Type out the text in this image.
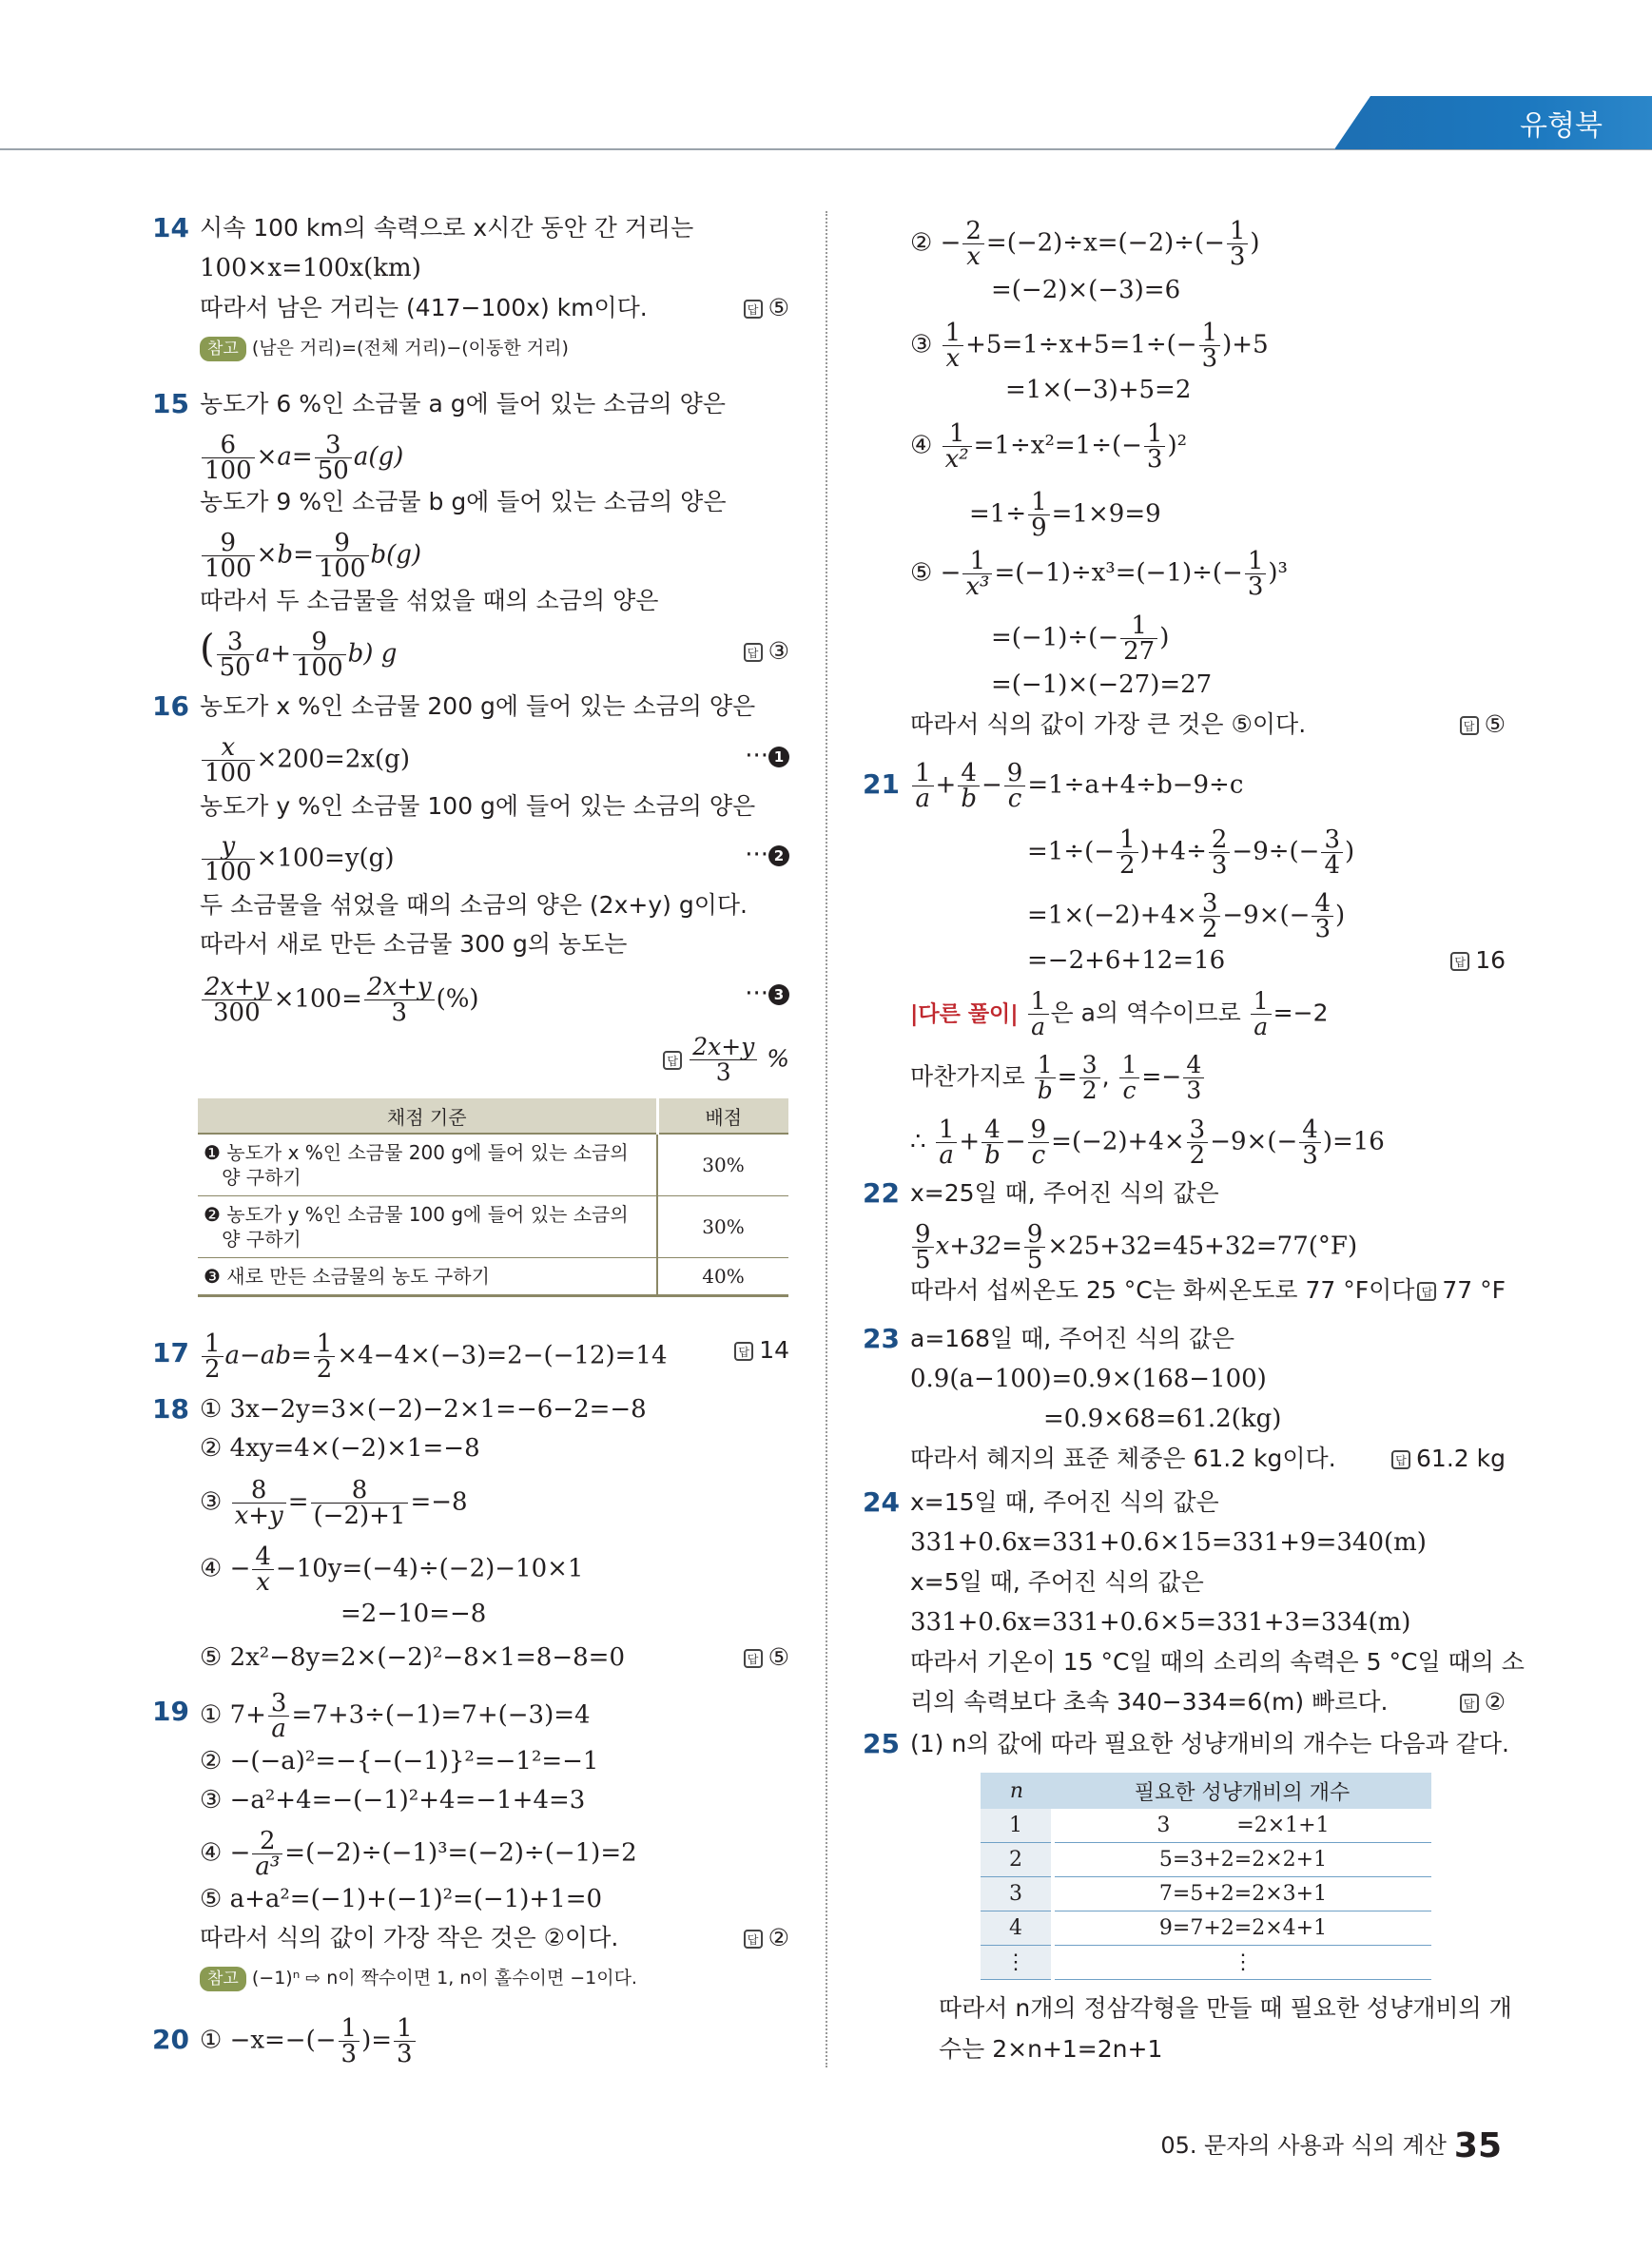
유형북
14 시속 100 km의 속력으로 x시간 동안 간 거리는
100×x=100x(km)
따라서 남은 거리는 (417−100x) km이다.	답 ⑤
참고 (남은 거리)=(전체 거리)−(이동한 거리)
15 농도가 6 %인 소금물 a g에 들어 있는 소금의 양은
$\frac{6}{100} \times a= \frac{3}{50} a(g)$
농도가 9 %인 소금물 b g에 들어 있는 소금의 양은
$\frac{9}{100} \times b= \frac{9}{100} b(g)$
따라서 두 소금물을 섞었을 때의 소금의 양은
( $\frac{3}{50} a+ \frac{9}{100} b$) g	답 ③
16 농도가 x %인 소금물 200 g에 들어 있는 소금의 양은
$\frac{x}{100} \times 200=2x(g)$	··· 1
농도가 y %인 소금물 100 g에 들어 있는 소금의 양은
$\frac{y}{100} \times 100=y(g)$	··· 2
두 소금물을 섞었을 때의 소금의 양은 (2x+y) g이다.
따라서 새로 만든 소금물 300 g의 농도는
$\frac{2x+y}{300} \times 100= \frac{2x+y}{3}$ (%)	··· 3
답 $\frac{2x+y}{3}$ %
채점 기준	배점
❶ 농도가 x %인 소금물 200 g에 들어 있는 소금의
양 구하기	30%
❷ 농도가 y %인 소금물 100 g에 들어 있는 소금의
양 구하기	30%
❸ 새로 만든 소금물의 농도 구하기	40%
$17 \frac{1}{2} a-ab= \frac{1}{2} \times 4-4\times(-3)=2-(-12)=14$	답 14
18 ① 3x−2y=3×(−2)−2×1=−6−2=−8
② 4xy=4×(−2)×1=−8
③ $\frac{8}{x+y} = \frac{8}{(-2)+1} =-8$
④ − $\frac{4}{x} -10y=(-4)\div(-2)-10\times 1$
=2−10=−8
⑤ 2x²−8y=2×(−2)²−8×1=8−8=0	답 ⑤
19 ① $7+ \frac{3}{a} =7+3\div(-1)=7+(-3)=4$
② −(−a)²=−{−(−1)}²=−1²=−1
③ −a²+4=−(−1)²+4=−1+4=3
④ − $\frac{2}{\text{a³}} =(-2)\div(-1)^3=(-2)\div(-1)=2$
⑤ a+a²=(−1)+(−1)²=(−1)+1=0
따라서 식의 값이 가장 작은 것은 ②이다.	답 ②
참고 (−1)ⁿ ⇨ n이 짝수이면 1, n이 홀수이면 −1이다.
20 ① $-x=-(- \frac{1}{3}$ )= $\frac{1}{3}$
② − $\frac{2}{x} =(-2)\div x=(-2)\div(- \frac{1}{3}$ )
=(−2)×(−3)=6
③ $\frac{1}{x} +5=1\div x+5=1\div(- \frac{1}{3} )+5$
=1×(−3)+5=2
④ $\frac{1}{\text{x²}} =1\div x^2=1\div(- \frac{1}{3} )^2$
$=1\div \frac{1}{9} =1\times 9=9$
⑤ − $\frac{1}{\text{x³}} =(-1)\div x^3=(-1)\div(- \frac{1}{3} )^3$
$=(-1)\div(- \frac{1}{27}$ )
=(−1)×(−27)=27
따라서 식의 값이 가장 큰 것은 ⑤이다.	답 ⑤
$21 \frac{1}{a} + \frac{4}{b} - \frac{9}{c} =1\div a+4\div b-9\div c$
$=1\div(- \frac{1}{2} )+4\div \frac{2}{3} -9\div(- \frac{3}{4}$ )
$=1\times(-2)+4\times \frac{3}{2} -9\times(- \frac{4}{3}$ )
=−2+6+12=16	답 16
|다른 풀이| $\frac{1}{a}$ 은 a의 역수이므로 $\frac{1}{a} =-2$
마찬가지로 $\frac{1}{b} = \frac{3}{2}$ , $\frac{1}{c} =- \frac{4}{3}$
∴ $\frac{1}{a} + \frac{4}{b} - \frac{9}{c} =(-2)+4\times \frac{3}{2} -9\times(- \frac{4}{3} )=16$
22 x=25일 때, 주어진 식의 값은
$\frac{9}{5} x+32= \frac{9}{5} \times 25+32=45+32=77(^\circ F)$
따라서 섭씨온도 25 °C는 화씨온도로 77 °F이다. 답 77 °F
23 a=168일 때, 주어진 식의 값은
0.9(a−100)=0.9×(168−100)
=0.9×68=61.2(kg)
따라서 혜지의 표준 체중은 61.2 kg이다.	답 61.2 kg
24 x=15일 때, 주어진 식의 값은
331+0.6x=331+0.6×15=331+9=340(m)
x=5일 때, 주어진 식의 값은
331+0.6x=331+0.6×5=331+3=334(m)
따라서 기온이 15 °C일 때의 소리의 속력은 5 °C일 때의 소
리의 속력보다 초속 340−334=6(m) 빠르다.	답 ②
25 (1) n의 값에 따라 필요한 성냥개비의 개수는 다음과 같다.
n	필요한 성냥개비의 개수
1	3          =2×1+1
2	5=3+2=2×2+1
3	7=5+2=2×3+1
4	9=7+2=2×4+1
⋮	⋮
따라서 n개의 정삼각형을 만들 때 필요한 성냥개비의 개
수는 2×n+1=2n+1
05. 문자의 사용과 식의 계산 35
